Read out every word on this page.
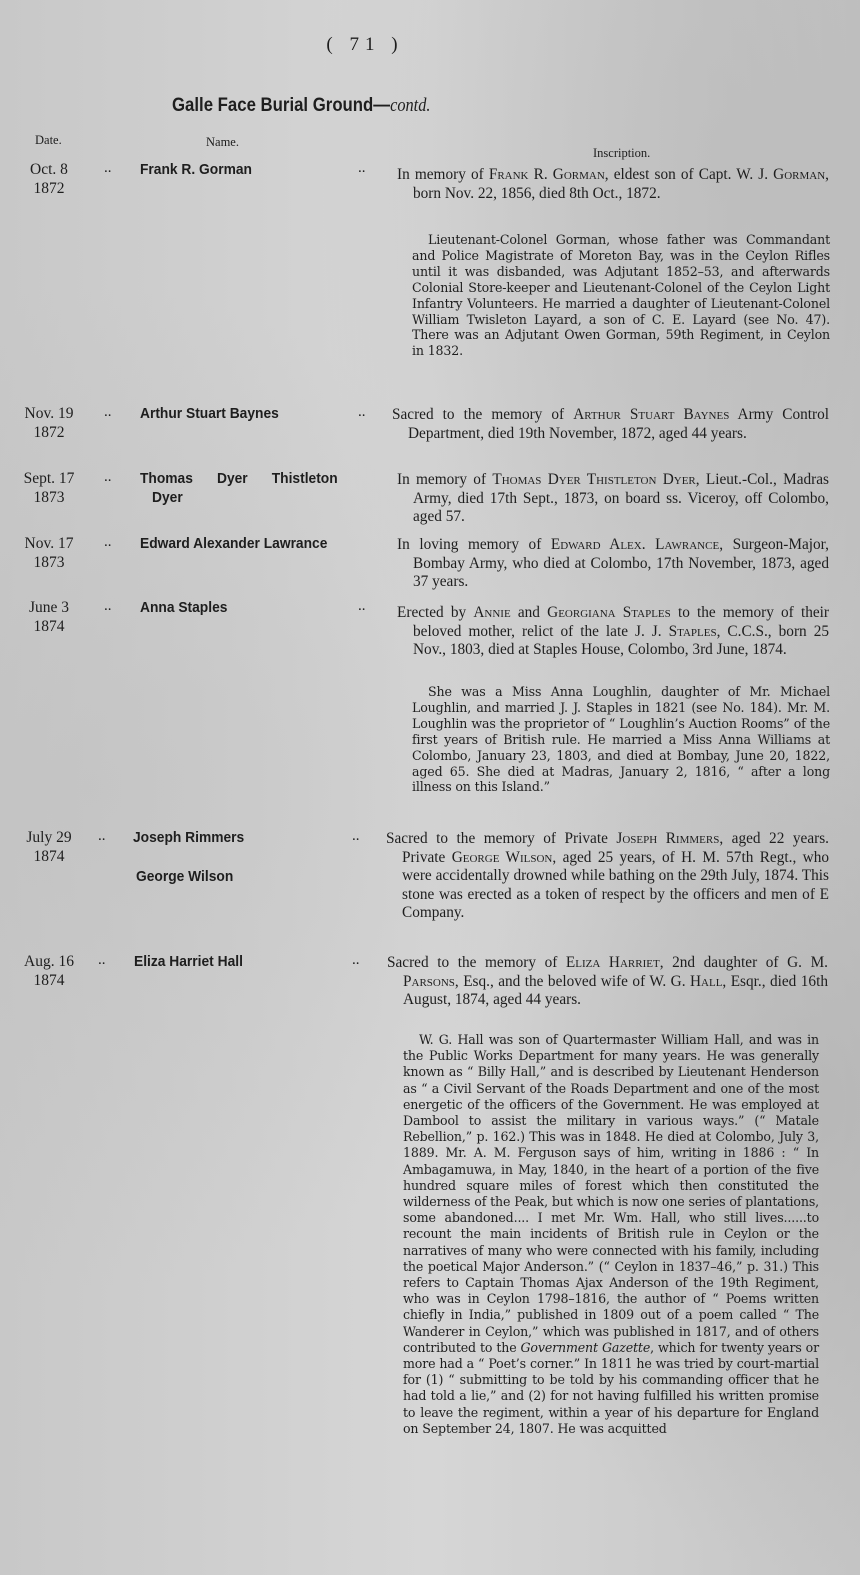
( 71 )
Galle Face Burial Ground—contd.
Date.	Name.
Inscription.
Oct. 8
1872
.. Frank R. Gorman	.. In memory of Frank R. Gorman, eldest son of Capt. W. J. Gorman, born Nov. 22, 1856, died 8th Oct., 1872.
Lieutenant-Colonel Gorman, whose father was Commandant and Police Magistrate of Moreton Bay, was in the Ceylon Rifles until it was disbanded, was Adjutant 1852–53, and afterwards Colonial Store-keeper and Lieutenant-Colonel of the Ceylon Light Infantry Volunteers. He married a daughter of Lieutenant-Colonel William Twisleton Layard, a son of C. E. Layard (see No. 47). There was an Adjutant Owen Gorman, 59th Regiment, in Ceylon in 1832.
Nov. 19
1872
.. Arthur Stuart Baynes	.. Sacred to the memory of Arthur Stuart Baynes Army Control Department, died 19th November, 1872, aged 44 years.
Sept. 17
1873
.. Thomas Dyer Thistleton
Dyer
In memory of Thomas Dyer Thistleton Dyer, Lieut.-Col., Madras Army, died 17th Sept., 1873, on board ss. Viceroy, off Colombo, aged 57.
Nov. 17
1873
.. Edward Alexander Lawrance	In loving memory of Edward Alex. Lawrance, Surgeon-Major, Bombay Army, who died at Colombo, 17th November, 1873, aged 37 years.
June 3
1874
.. Anna Staples	.. Erected by Annie and Georgiana Staples to the memory of their beloved mother, relict of the late J. J. Staples, C.C.S., born 25 Nov., 1803, died at Staples House, Colombo, 3rd June, 1874.
She was a Miss Anna Loughlin, daughter of Mr. Michael Loughlin, and married J. J. Staples in 1821 (see No. 184). Mr. M. Loughlin was the proprietor of “ Loughlin’s Auction Rooms” of the first years of British rule. He married a Miss Anna Williams at Colombo, January 23, 1803, and died at Bombay, June 20, 1822, aged 65. She died at Madras, January 2, 1816, “ after a long illness on this Island.”
July 29
1874
.. Joseph Rimmers
George Wilson
.. Sacred to the memory of Private Joseph Rimmers, aged 22 years. Private George Wilson, aged 25 years, of H. M. 57th Regt., who were accidentally drowned while bathing on the 29th July, 1874. This stone was erected as a token of respect by the officers and men of E Company.
Aug. 16
1874
.. Eliza Harriet Hall	.. Sacred to the memory of Eliza Harriet, 2nd daughter of G. M. Parsons, Esq., and the beloved wife of W. G. Hall, Esqr., died 16th August, 1874, aged 44 years.
W. G. Hall was son of Quartermaster William Hall, and was in the Public Works Department for many years. He was generally known as “ Billy Hall,” and is described by Lieutenant Henderson as “ a Civil Servant of the Roads Department and one of the most energetic of the officers of the Government. He was employed at Dambool to assist the military in various ways.” (“ Matale Rebellion,” p. 162.) This was in 1848. He died at Colombo, July 3, 1889. Mr. A. M. Ferguson says of him, writing in 1886 : “ In Ambagamuwa, in May, 1840, in the heart of a portion of the five hundred square miles of forest which then constituted the wilderness of the Peak, but which is now one series of plantations, some abandoned.... I met Mr. Wm. Hall, who still lives......to recount the main incidents of British rule in Ceylon or the narratives of many who were connected with his family, including the poetical Major Anderson.” (“ Ceylon in 1837–46,” p. 31.) This refers to Captain Thomas Ajax Anderson of the 19th Regiment, who was in Ceylon 1798–1816, the author of “ Poems written chiefly in India,” published in 1809 out of a poem called “ The Wanderer in Ceylon,” which was published in 1817, and of others contributed to the Government Gazette, which for twenty years or more had a “ Poet’s corner.” In 1811 he was tried by court-martial for (1) “ submitting to be told by his commanding officer that he had told a lie,” and (2) for not having fulfilled his written promise to leave the regiment, within a year of his departure for England on September 24, 1807. He was acquitted
